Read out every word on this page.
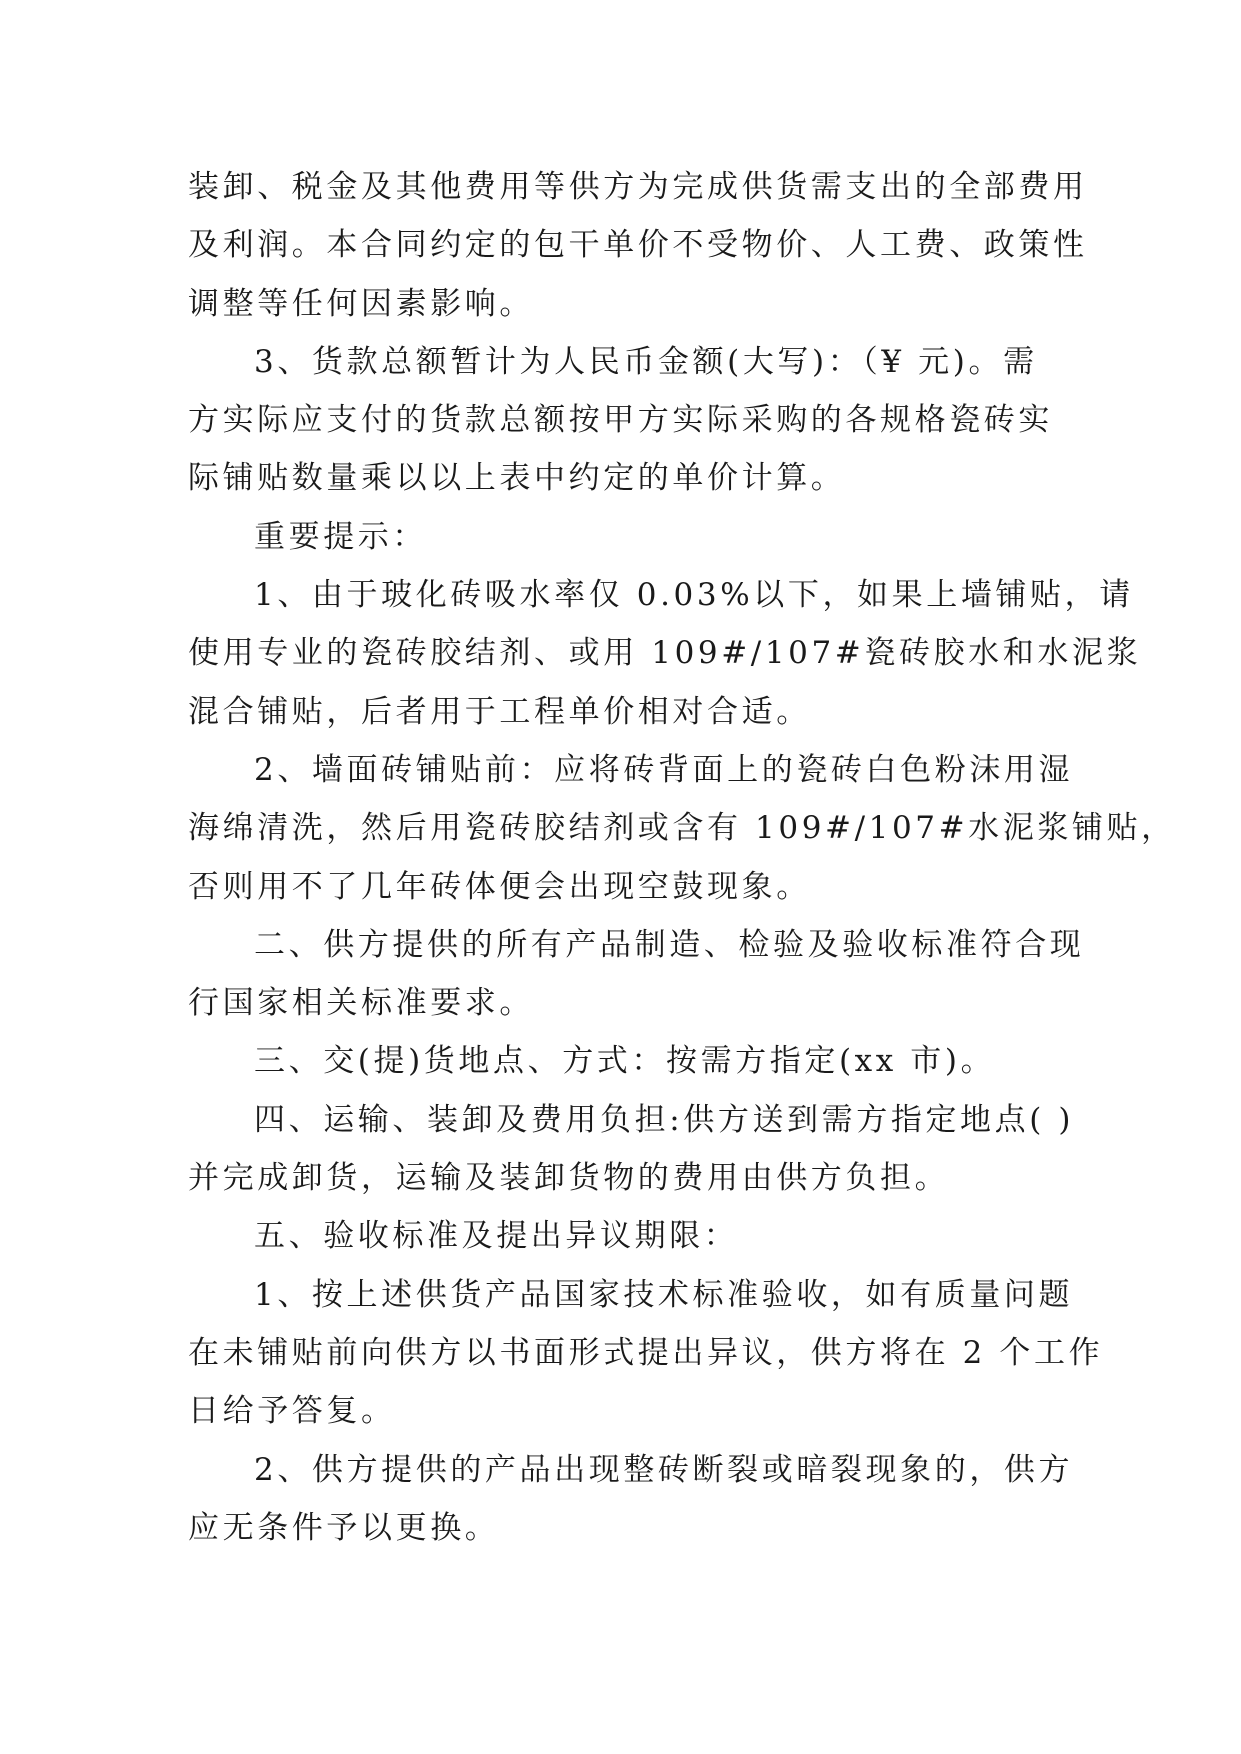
装卸、税金及其他费用等供方为完成供货需支出的全部费用
及利润。本合同约定的包干单价不受物价、人工费、政策性
调整等任何因素影响。
3、货款总额暂计为人民币金额(大写)：（¥ 元)。需
方实际应支付的货款总额按甲方实际采购的各规格瓷砖实
际铺贴数量乘以以上表中约定的单价计算。
重要提示：
1、由于玻化砖吸水率仅 0.03%以下，如果上墙铺贴，请
使用专业的瓷砖胶结剂、或用 109#/107#瓷砖胶水和水泥浆
混合铺贴，后者用于工程单价相对合适。
2、墙面砖铺贴前：应将砖背面上的瓷砖白色粉沫用湿
海绵清洗，然后用瓷砖胶结剂或含有 109#/107#水泥浆铺贴，
否则用不了几年砖体便会出现空鼓现象。
二、供方提供的所有产品制造、检验及验收标准符合现
行国家相关标准要求。
三、交(提)货地点、方式：按需方指定(xx 市)。
四、运输、装卸及费用负担:供方送到需方指定地点( )
并完成卸货，运输及装卸货物的费用由供方负担。
五、验收标准及提出异议期限：
1、按上述供货产品国家技术标准验收，如有质量问题
在未铺贴前向供方以书面形式提出异议，供方将在 2 个工作
日给予答复。
2、供方提供的产品出现整砖断裂或暗裂现象的，供方
应无条件予以更换。
